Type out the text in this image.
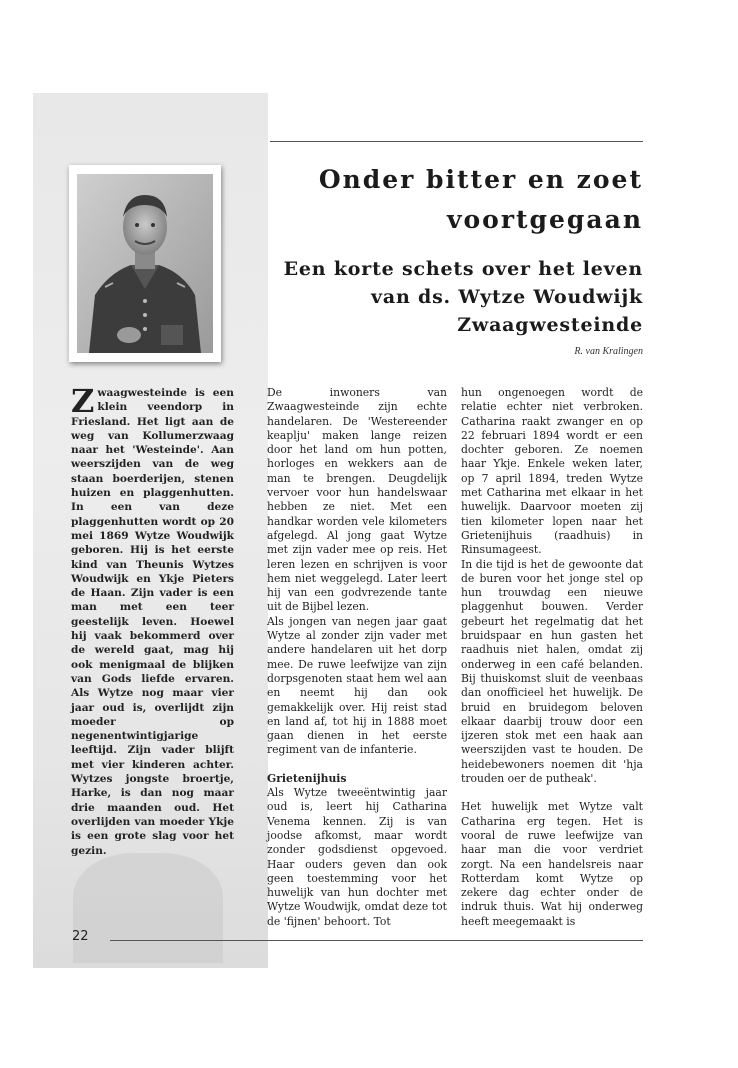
Onder bitter en zoet
voortgegaan
Een korte schets over het leven
van ds. Wytze Woudwijk
Zwaagwesteinde
R. van Kralingen

Zwaagwesteinde is een klein veendorp in Friesland. Het ligt aan de weg van Kollumerzwaag naar het 'Westeinde'. Aan weerszijden van de weg staan boerderijen, stenen huizen en plaggenhutten. In een van deze plaggenhutten wordt op 20 mei 1869 Wytze Woudwijk geboren. Hij is het eerste kind van Theunis Wytzes Woudwijk en Ykje Pieters de Haan. Zijn vader is een man met een teer geestelijk leven. Hoewel hij vaak bekommerd over de wereld gaat, mag hij ook menigmaal de blijken van Gods liefde ervaren. Als Wytze nog maar vier jaar oud is, overlijdt zijn moeder op negenentwintigjarige leeftijd. Zijn vader blijft met vier kinderen achter. Wytzes jongste broertje, Harke, is dan nog maar drie maanden oud. Het overlijden van moeder Ykje is een grote slag voor het gezin.

De inwoners van Zwaagwesteinde zijn echte handelaren. De 'Westereender keaplju' maken lange reizen door het land om hun potten, horloges en wekkers aan de man te brengen. Deugdelijk vervoer voor hun handelswaar hebben ze niet. Met een handkar worden vele kilometers afgelegd. Al jong gaat Wytze met zijn vader mee op reis. Het leren lezen en schrijven is voor hem niet weggelegd. Later leert hij van een godvrezende tante uit de Bijbel lezen.

Als jongen van negen jaar gaat Wytze al zonder zijn vader met andere handelaren uit het dorp mee. De ruwe leefwijze van zijn dorpsgenoten staat hem wel aan en neemt hij dan ook gemakkelijk over. Hij reist stad en land af, tot hij in 1888 moet gaan dienen in het eerste regiment van de infanterie.

Grietenijhuis

Als Wytze tweeëntwintig jaar oud is, leert hij Catharina Venema kennen. Zij is van joodse afkomst, maar wordt zonder godsdienst opgevoed. Haar ouders geven dan ook geen toestemming voor het huwelijk van hun dochter met Wytze Woudwijk, omdat deze tot de 'fijnen' behoort. Tot

hun ongenoegen wordt de relatie echter niet verbroken. Catharina raakt zwanger en op 22 februari 1894 wordt er een dochter geboren. Ze noemen haar Ykje. Enkele weken later, op 7 april 1894, treden Wytze met Catharina met elkaar in het huwelijk. Daarvoor moeten zij tien kilometer lopen naar het Grietenijhuis (raadhuis) in Rinsumageest.

In die tijd is het de gewoonte dat de buren voor het jonge stel op hun trouwdag een nieuwe plaggenhut bouwen. Verder gebeurt het regelmatig dat het bruidspaar en hun gasten het raadhuis niet halen, omdat zij onderweg in een café belanden. Bij thuiskomst sluit de veenbaas dan onofficieel het huwelijk. De bruid en bruidegom beloven elkaar daarbij trouw door een ijzeren stok met een haak aan weerszijden vast te houden. De heidebewoners noemen dit 'hja trouden oer de putheak'.

Het huwelijk met Wytze valt Catharina erg tegen. Het is vooral de ruwe leefwijze van haar man die voor verdriet zorgt. Na een handelsreis naar Rotterdam komt Wytze op zekere dag echter onder de indruk thuis. Wat hij onderweg heeft meegemaakt is

22
